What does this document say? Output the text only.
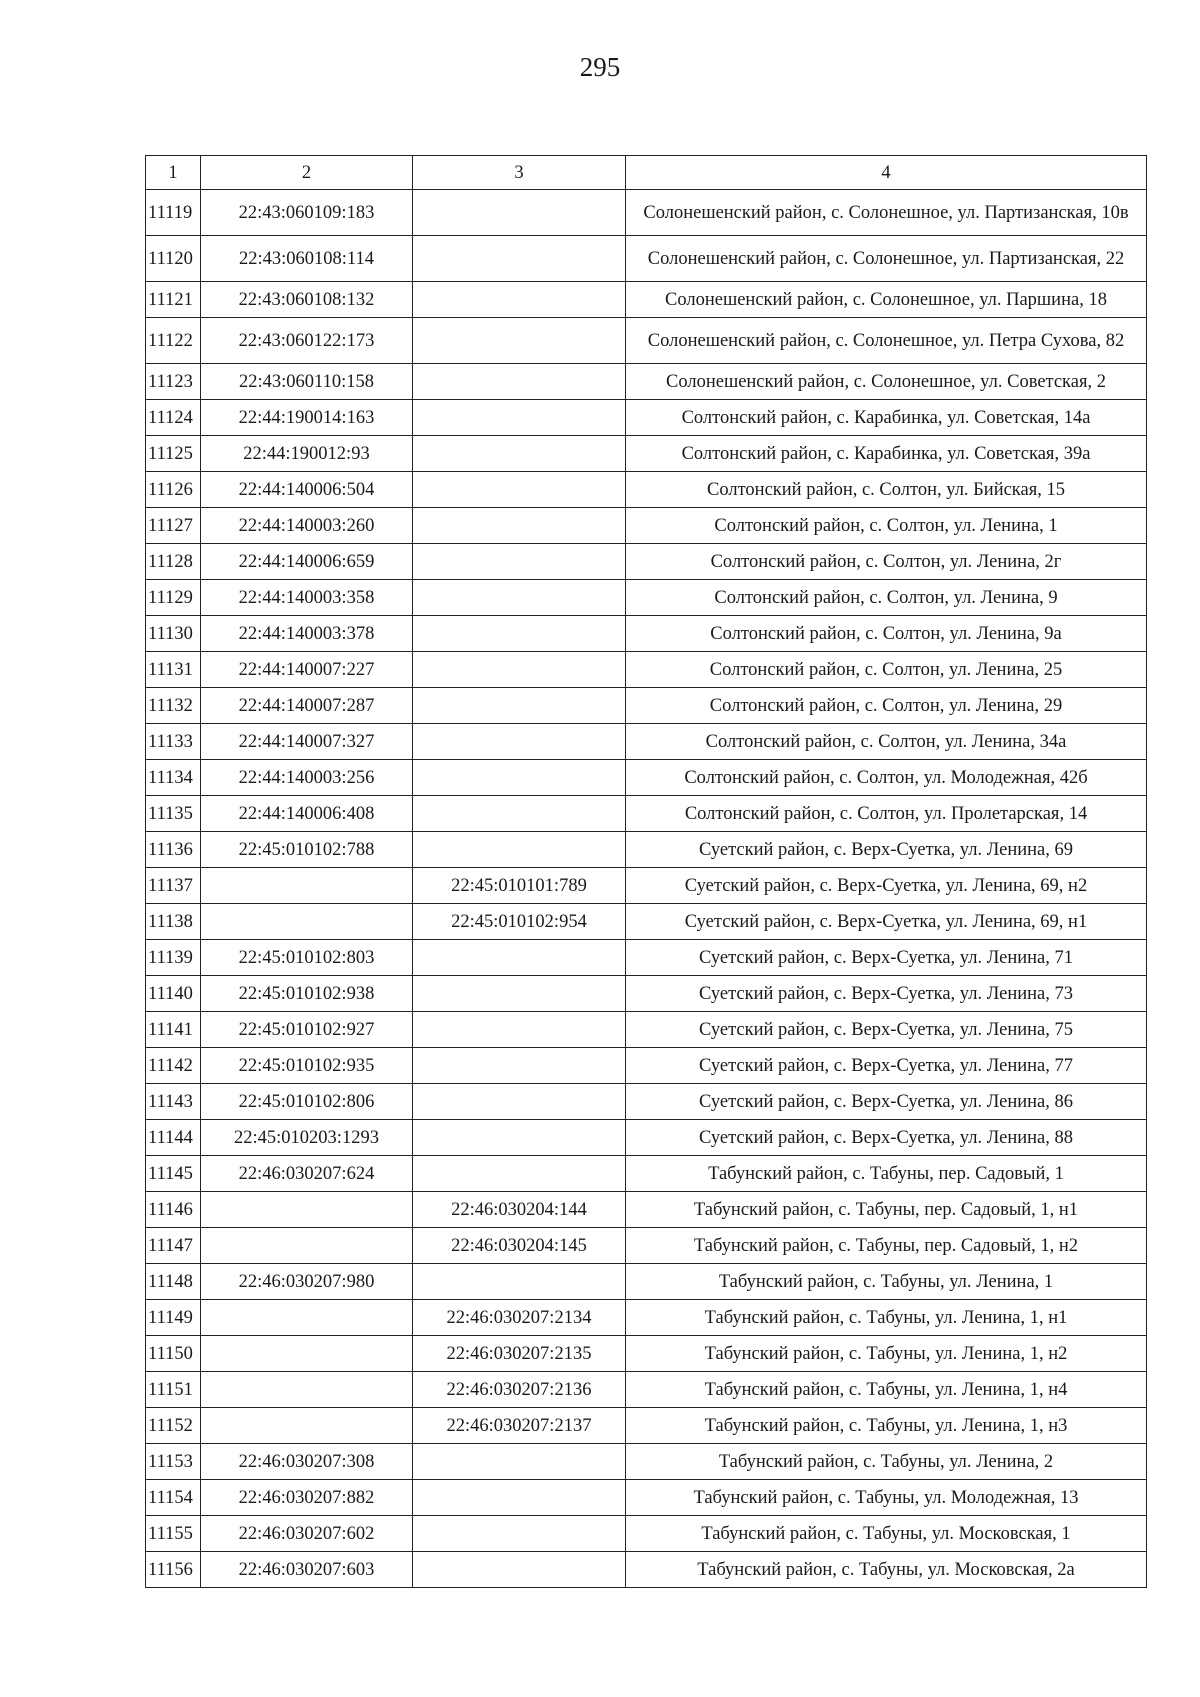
295
1	2	3	4
11119	22:43:060109:183		Солонешенский район, с. Солонешное, ул. Партизанская, 10в
11120	22:43:060108:114		Солонешенский район, с. Солонешное, ул. Партизанская, 22
11121	22:43:060108:132		Солонешенский район, с. Солонешное, ул. Паршина, 18
11122	22:43:060122:173		Солонешенский район, с. Солонешное, ул. Петра Сухова, 82
11123	22:43:060110:158		Солонешенский район, с. Солонешное, ул. Советская, 2
11124	22:44:190014:163		Солтонский район, с. Карабинка, ул. Советская, 14а
11125	22:44:190012:93		Солтонский район, с. Карабинка, ул. Советская, 39а
11126	22:44:140006:504		Солтонский район, с. Солтон, ул. Бийская, 15
11127	22:44:140003:260		Солтонский район, с. Солтон, ул. Ленина, 1
11128	22:44:140006:659		Солтонский район, с. Солтон, ул. Ленина, 2г
11129	22:44:140003:358		Солтонский район, с. Солтон, ул. Ленина, 9
11130	22:44:140003:378		Солтонский район, с. Солтон, ул. Ленина, 9а
11131	22:44:140007:227		Солтонский район, с. Солтон, ул. Ленина, 25
11132	22:44:140007:287		Солтонский район, с. Солтон, ул. Ленина, 29
11133	22:44:140007:327		Солтонский район, с. Солтон, ул. Ленина, 34а
11134	22:44:140003:256		Солтонский район, с. Солтон, ул. Молодежная, 42б
11135	22:44:140006:408		Солтонский район, с. Солтон, ул. Пролетарская, 14
11136	22:45:010102:788		Суетский район, с. Верх-Суетка, ул. Ленина, 69
11137		22:45:010101:789	Суетский район, с. Верх-Суетка, ул. Ленина, 69, н2
11138		22:45:010102:954	Суетский район, с. Верх-Суетка, ул. Ленина, 69, н1
11139	22:45:010102:803		Суетский район, с. Верх-Суетка, ул. Ленина, 71
11140	22:45:010102:938		Суетский район, с. Верх-Суетка, ул. Ленина, 73
11141	22:45:010102:927		Суетский район, с. Верх-Суетка, ул. Ленина, 75
11142	22:45:010102:935		Суетский район, с. Верх-Суетка, ул. Ленина, 77
11143	22:45:010102:806		Суетский район, с. Верх-Суетка, ул. Ленина, 86
11144	22:45:010203:1293		Суетский район, с. Верх-Суетка, ул. Ленина, 88
11145	22:46:030207:624		Табунский район, с. Табуны, пер. Садовый, 1
11146		22:46:030204:144	Табунский район, с. Табуны, пер. Садовый, 1, н1
11147		22:46:030204:145	Табунский район, с. Табуны, пер. Садовый, 1, н2
11148	22:46:030207:980		Табунский район, с. Табуны, ул. Ленина, 1
11149		22:46:030207:2134	Табунский район, с. Табуны, ул. Ленина, 1, н1
11150		22:46:030207:2135	Табунский район, с. Табуны, ул. Ленина, 1, н2
11151		22:46:030207:2136	Табунский район, с. Табуны, ул. Ленина, 1, н4
11152		22:46:030207:2137	Табунский район, с. Табуны, ул. Ленина, 1, н3
11153	22:46:030207:308		Табунский район, с. Табуны, ул. Ленина, 2
11154	22:46:030207:882		Табунский район, с. Табуны, ул. Молодежная, 13
11155	22:46:030207:602		Табунский район, с. Табуны, ул. Московская, 1
11156	22:46:030207:603		Табунский район, с. Табуны, ул. Московская, 2а
